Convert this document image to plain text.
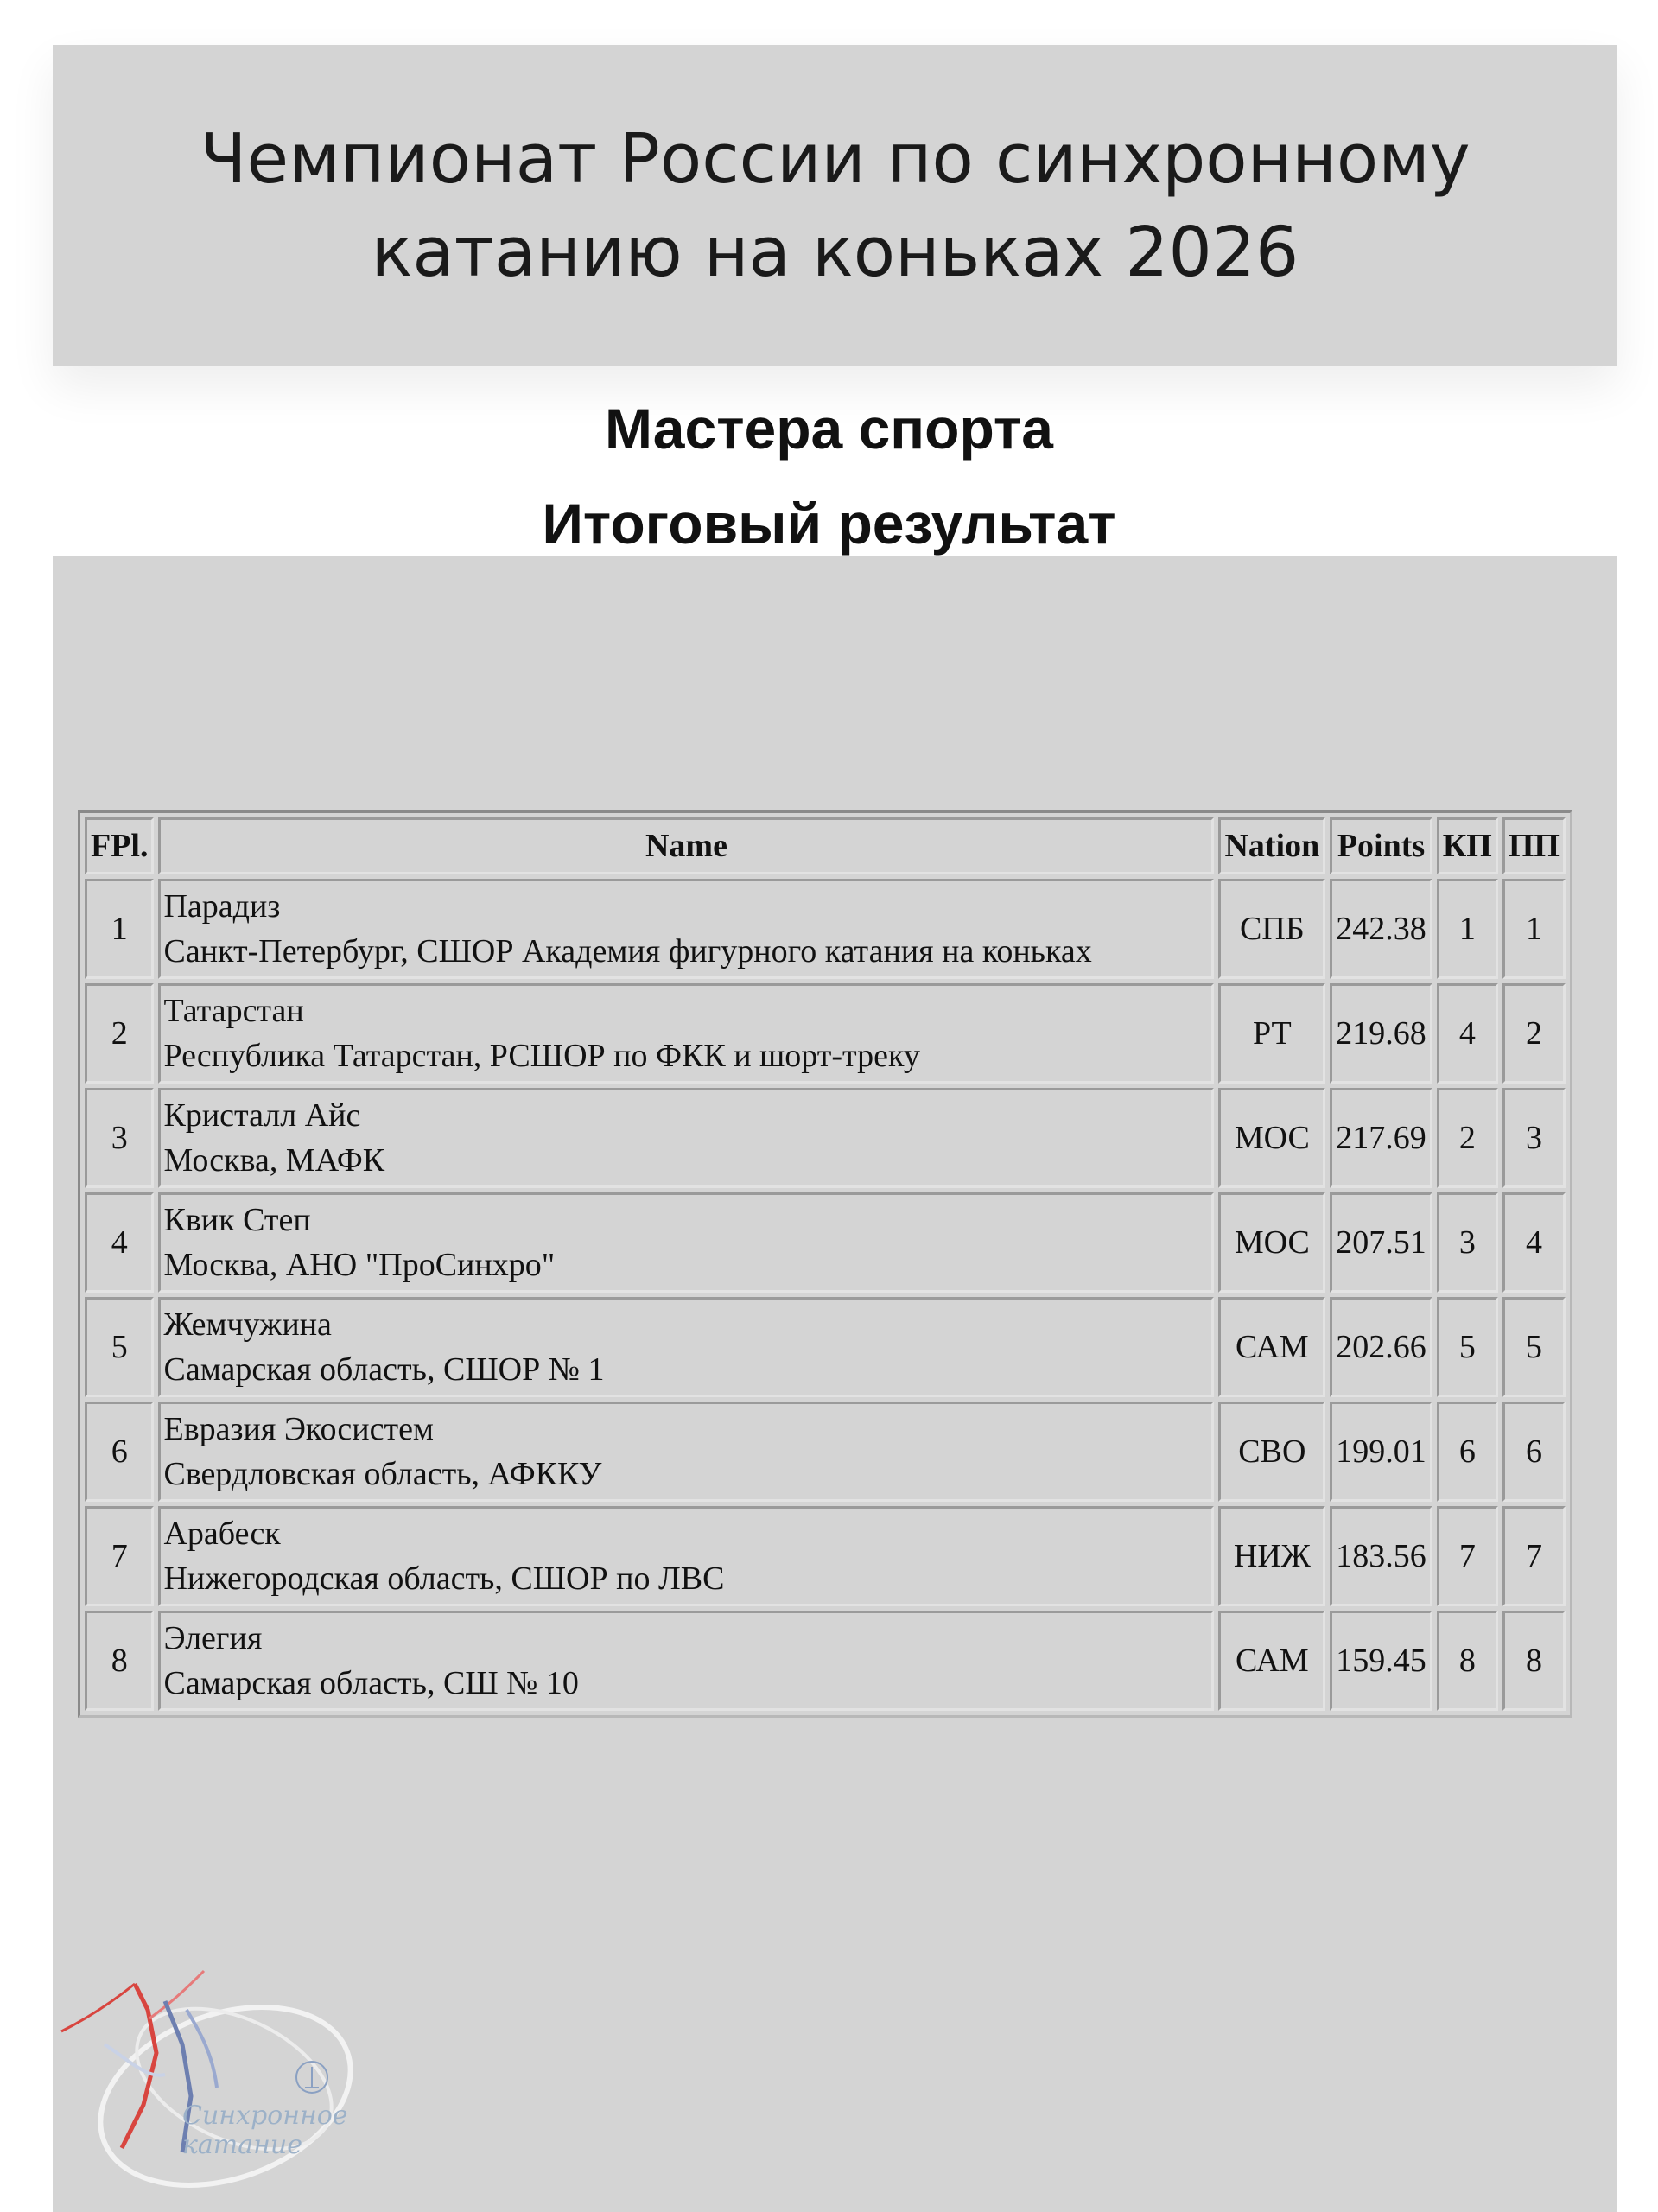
Чемпионат России по синхронному катанию на коньках 2026
Мастера спорта
Итоговый результат
FPl.	Name	Nation	Points	КП	ПП
1	Парадиз
Санкт-Петербург, СШОР Академия фигурного катания на коньках	СПБ	242.38	1	1
2	Татарстан
Республика Татарстан, РСШОР по ФКК и шорт-треку	РТ	219.68	4	2
3	Кристалл Айс
Москва, МАФК	МОС	217.69	2	3
4	Квик Степ
Москва, АНО "ПроСинхро"	МОС	207.51	3	4
5	Жемчужина
Самарская область, СШОР № 1	САМ	202.66	5	5
6	Евразия Экосистем
Свердловская область, АФККУ	СВО	199.01	6	6
7	Арабеск
Нижегородская область, СШОР по ЛВС	НИЖ	183.56	7	7
8	Элегия
Самарская область, СШ № 10	САМ	159.45	8	8
Синхронное
катание
